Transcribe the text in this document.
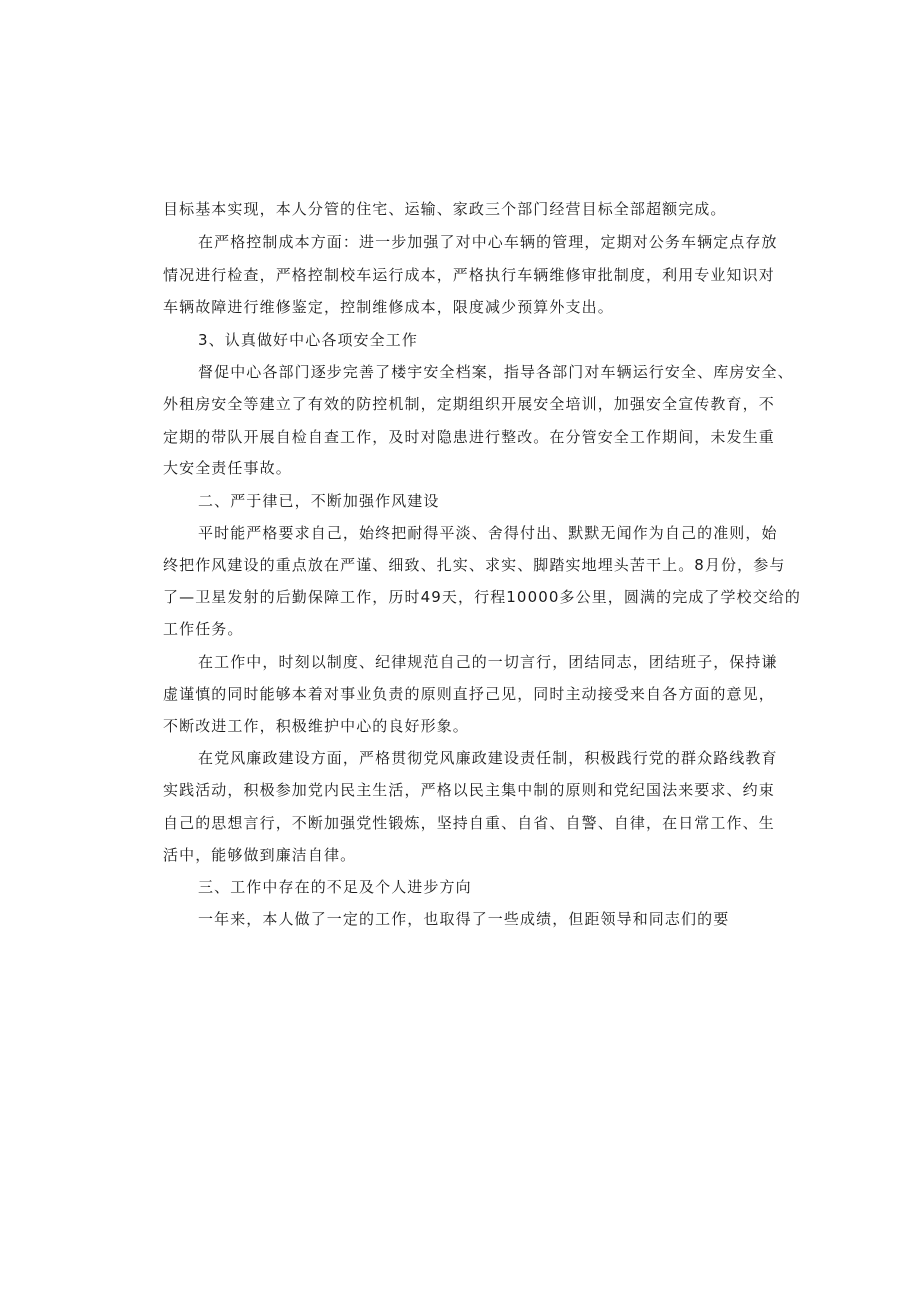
目标基本实现，本人分管的住宅、运输、家政三个部门经营目标全部超额完成。

在严格控制成本方面：进一步加强了对中心车辆的管理，定期对公务车辆定点存放

情况进行检查，严格控制校车运行成本，严格执行车辆维修审批制度，利用专业知识对

车辆故障进行维修鉴定，控制维修成本，限度减少预算外支出。

3、认真做好中心各项安全工作

督促中心各部门逐步完善了楼宇安全档案，指导各部门对车辆运行安全、库房安全、

外租房安全等建立了有效的防控机制，定期组织开展安全培训，加强安全宣传教育，不

定期的带队开展自检自查工作，及时对隐患进行整改。在分管安全工作期间，未发生重

大安全责任事故。

二、严于律已，不断加强作风建设

平时能严格要求自己，始终把耐得平淡、舍得付出、默默无闻作为自己的准则，始

终把作风建设的重点放在严谨、细致、扎实、求实、脚踏实地埋头苦干上。8月份，参与

了—卫星发射的后勤保障工作，历时49天，行程10000多公里，圆满的完成了学校交给的

工作任务。

在工作中，时刻以制度、纪律规范自己的一切言行，团结同志，团结班子，保持谦

虚谨慎的同时能够本着对事业负责的原则直抒己见，同时主动接受来自各方面的意见，

不断改进工作，积极维护中心的良好形象。

在党风廉政建设方面，严格贯彻党风廉政建设责任制，积极践行党的群众路线教育

实践活动，积极参加党内民主生活，严格以民主集中制的原则和党纪国法来要求、约束

自己的思想言行，不断加强党性锻炼，坚持自重、自省、自警、自律，在日常工作、生

活中，能够做到廉洁自律。

三、工作中存在的不足及个人进步方向

一年来，本人做了一定的工作，也取得了一些成绩，但距领导和同志们的要
